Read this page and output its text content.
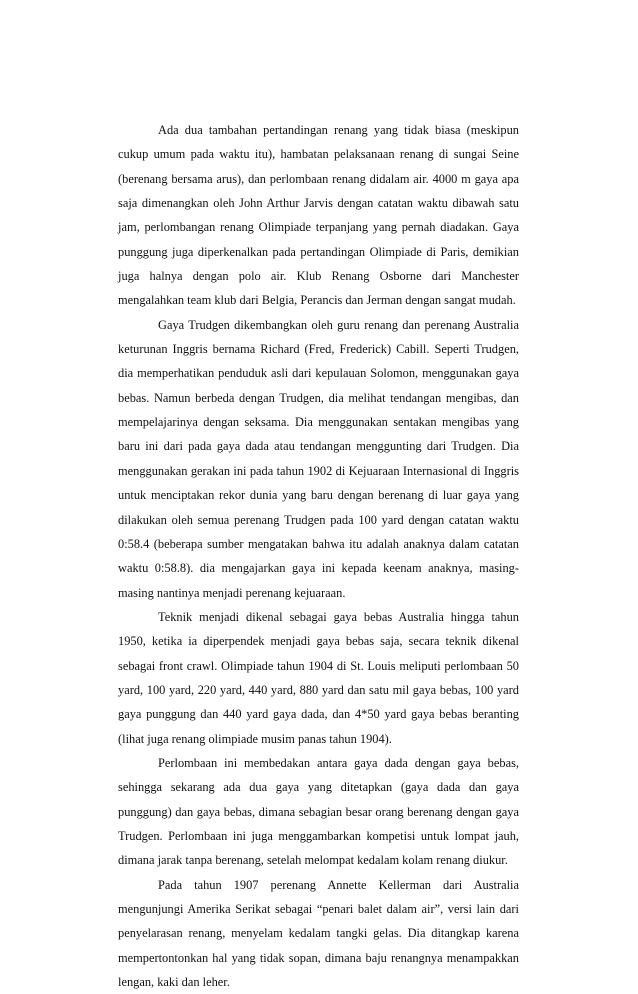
Ada dua tambahan pertandingan renang yang tidak biasa (meskipun cukup umum pada waktu itu), hambatan pelaksanaan renang di sungai Seine (berenang bersama arus), dan perlombaan renang didalam air. 4000 m gaya apa saja dimenangkan oleh John Arthur Jarvis dengan catatan waktu dibawah satu jam, perlombangan renang Olimpiade terpanjang yang pernah diadakan. Gaya punggung juga diperkenalkan pada pertandingan Olimpiade di Paris, demikian juga halnya dengan polo air. Klub Renang Osborne dari Manchester mengalahkan team klub dari Belgia, Perancis dan Jerman dengan sangat mudah.

Gaya Trudgen dikembangkan oleh guru renang dan perenang Australia keturunan Inggris bernama Richard (Fred, Frederick) Cabill. Seperti Trudgen, dia memperhatikan penduduk asli dari kepulauan Solomon, menggunakan gaya bebas. Namun berbeda dengan Trudgen, dia melihat tendangan mengibas, dan mempelajarinya dengan seksama. Dia menggunakan sentakan mengibas yang baru ini dari pada gaya dada atau tendangan menggunting dari Trudgen. Dia menggunakan gerakan ini pada tahun 1902 di Kejuaraan Internasional di Inggris untuk menciptakan rekor dunia yang baru dengan berenang di luar gaya yang dilakukan oleh semua perenang Trudgen pada 100 yard dengan catatan waktu 0:58.4 (beberapa sumber mengatakan bahwa itu adalah anaknya dalam catatan waktu 0:58.8). dia mengajarkan gaya ini kepada keenam anaknya, masing-masing nantinya menjadi perenang kejuaraan.

Teknik menjadi dikenal sebagai gaya bebas Australia hingga tahun 1950, ketika ia diperpendek menjadi gaya bebas saja, secara teknik dikenal sebagai front crawl. Olimpiade tahun 1904 di St. Louis meliputi perlombaan 50 yard, 100 yard, 220 yard, 440 yard, 880 yard dan satu mil gaya bebas, 100 yard gaya punggung dan 440 yard gaya dada, dan 4*50 yard gaya bebas beranting (lihat juga renang olimpiade musim panas tahun 1904).

Perlombaan ini membedakan antara gaya dada dengan gaya bebas, sehingga sekarang ada dua gaya yang ditetapkan (gaya dada dan gaya punggung) dan gaya bebas, dimana sebagian besar orang berenang dengan gaya Trudgen. Perlombaan ini juga menggambarkan kompetisi untuk lompat jauh, dimana jarak tanpa berenang, setelah melompat kedalam kolam renang diukur.

Pada tahun 1907 perenang Annette Kellerman dari Australia mengunjungi Amerika Serikat sebagai “penari balet dalam air”, versi lain dari penyelarasan renang, menyelam kedalam tangki gelas. Dia ditangkap karena mempertontonkan hal yang tidak sopan, dimana baju renangnya menampakkan lengan, kaki dan leher.
